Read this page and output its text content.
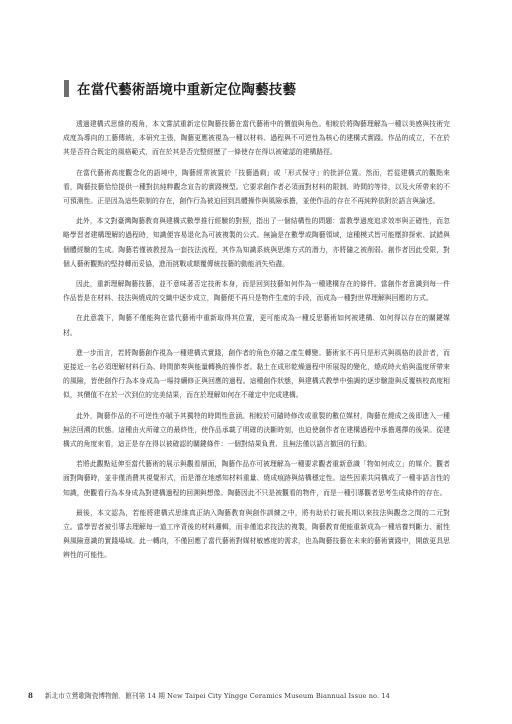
在當代藝術語境中重新定位陶藝技藝

透過建構式思維的視角，本文嘗試重新定位陶藝技藝在當代藝術中的價值與角色。相較於將陶藝理解為一種以美感與技術完成度為導向的工藝傳統，本研究主張，陶藝更應被視為一種以材料、過程與不可逆性為核心的建構式實踐。作品的成立，不在於其是否符合既定的風格範式，而在於其是否完整經歷了一條使存在得以被確認的建構路徑。

在當代藝術高度觀念化的語境中，陶藝經常被置於「技藝過剩」或「形式保守」的批評位置。然而，若從建構式的觀點來看，陶藝技藝恰恰提供一種對抗純粹觀念宣告的實踐模型。它要求創作者必須面對材料的限制、時間的等待，以及火所帶來的不可預測性。正是因為這些限制的存在，創作行為被迫回到具體操作與風險承擔，並使作品的存在不再純粹依附於語言與論述。

此外，本文對臺灣陶藝教育與建構式數學推行經驗的對照，指出了一個結構性的問題：當教學過度追求效率與正確性，而忽略學習者建構理解的過程時，知識便容易退化為可被複製的公式。無論是在數學或陶藝領域，這種模式皆可能壓抑探索、試錯與個體經驗的生成。陶藝若僅被教授為一套技法流程，其作為知識系統與思維方式的潛力，亦將隨之被削弱。創作者因此受限，對個人藝術觀點的堅持轉而妥協，進而挑戰或顛覆傳統技藝的動能消失殆盡。

因此，重新理解陶藝技藝，並不意味著否定技術本身，而是回到技藝如何作為一種建構存在的條件。當創作者意識到每一件作品皆是在材料、技法與燒成的交織中逐步成立，陶藝便不再只是物件生產的手段，而成為一種對世界理解與回應的方式。

在此意義下，陶藝不僅能夠在當代藝術中重新取得其位置，更可能成為一種反思藝術如何被建構、如何得以存在的關鍵媒材。

進一步而言，若將陶藝創作視為一種建構式實踐，創作者的角色亦隨之產生轉變。藝術家不再只是形式與風格的設計者，而更接近一名必須理解材料行為、時間節奏與能量轉換的操作者。黏土在成形乾燥過程中所展現的變化，燒成時火焰與溫度所帶來的風險，皆使創作行為本身成為一場持續修正與回應的過程。這種創作狀態，與建構式教學中強調的逐步驗證與反覆核校高度相似，其價值不在於一次到位的完美結果，而在於理解如何在不確定中完成建構。

此外，陶藝作品的不可逆性亦賦予其獨特的時間性意涵。相較於可隨時修改或重製的數位媒材，陶藝在燒成之後即進入一種無法回溯的狀態。這種由火所確立的最終性，使作品承載了明確的決斷時刻，也迫使創作者在建構過程中承擔選擇的後果。從建構式的角度來看，這正是存在得以被確認的關鍵條件：一個對結果負責、且無法僅以語言撤回的行動。

若將此觀點延伸至當代藝術的展示與觀看層面，陶藝作品亦可被理解為一種要求觀者重新意識「物如何成立」的媒介。觀者面對陶藝時，並非僅消費其視覺形式，而是潛在地感知材料重量、燒成痕跡與結構穩定性。這些因素共同構成了一種非語言性的知識，使觀看行為本身成為對建構過程的回溯與想像。陶藝因此不只是被觀看的物件，而是一種引導觀者思考生成條件的存在。

最後，本文認為，若能將建構式思維真正納入陶藝教育與創作訓練之中，將有助於打破長期以來技法與觀念之間的二元對立。當學習者被引導去理解每一道工序背後的材料邏輯，而非僅追求技法的複製，陶藝教育便能重新成為一種培養判斷力、耐性與風險意識的實踐場域。此一轉向，不僅回應了當代藝術對媒材敏感度的需求，也為陶藝技藝在未來的藝術實踐中，開啟更具思辨性的可能性。

8 新北市立鶯歌陶瓷博物館．館刊第 14 期 New Taipei City Yingge Ceramics Museum Biannual Issue no. 14
